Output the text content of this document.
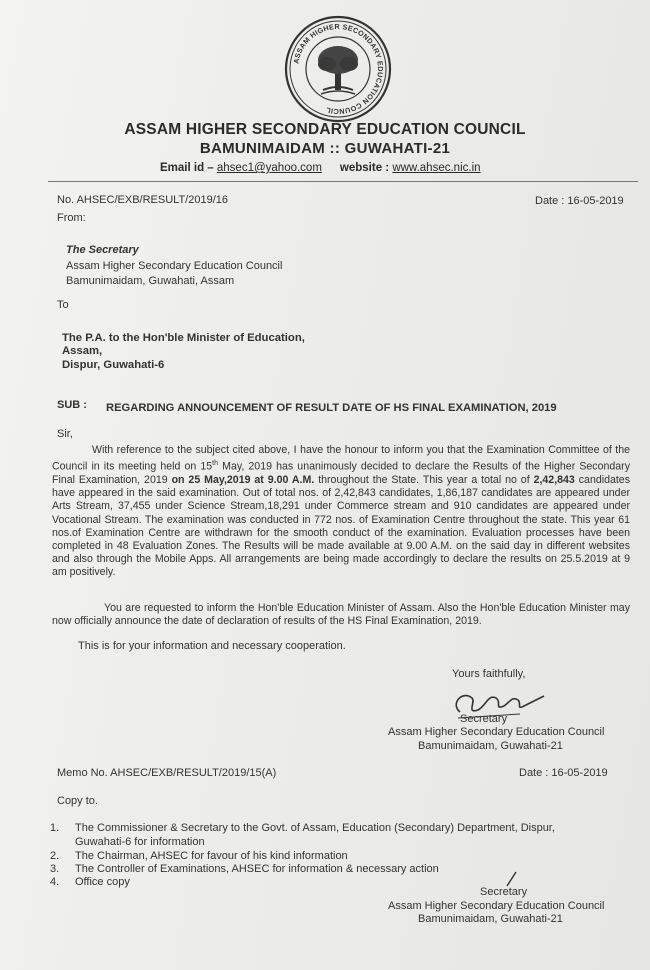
ASSAM HIGHER SECONDARY EDUCATION COUNCIL
ASSAM HIGHER SECONDARY EDUCATION COUNCIL
BAMUNIMAIDAM :: GUWAHATI-21
Email id – ahsec1@yahoo.com website : www.ahsec.nic.in
No. AHSEC/EXB/RESULT/2019/16	Date : 16-05-2019
From:
The Secretary
Assam Higher Secondary Education Council
Bamunimaidam, Guwahati, Assam
To
The P.A. to the Hon'ble Minister of Education,
Assam,
Dispur, Guwahati-6
SUB : REGARDING ANNOUNCEMENT OF RESULT DATE OF HS FINAL EXAMINATION, 2019
Sir,
With reference to the subject cited above, I have the honour to inform you that the Examination Committee of the Council in its meeting held on 15th May, 2019 has unanimously decided to declare the Results of the Higher Secondary Final Examination, 2019 on 25 May,2019 at 9.00 A.M. throughout the State. This year a total no of 2,42,843 candidates have appeared in the said examination. Out of total nos. of 2,42,843 candidates, 1,86,187 candidates are appeared under Arts Stream, 37,455 under Science Stream,18,291 under Commerce stream and 910 candidates are appeared under Vocational Stream. The examination was conducted in 772 nos. of Examination Centre throughout the state. This year 61 nos.of Examination Centre are withdrawn for the smooth conduct of the examination. Evaluation processes have been completed in 48 Evaluation Zones. The Results will be made available at 9.00 A.M. on the said day in different websites and also through the Mobile Apps. All arrangements are being made accordingly to declare the results on 25.5.2019 at 9 am positively.
You are requested to inform the Hon'ble Education Minister of Assam. Also the Hon'ble Education Minister may now officially announce the date of declaration of results of the HS Final Examination, 2019.
This is for your information and necessary cooperation.
Yours faithfully,
Secretary
Assam Higher Secondary Education Council
Bamunimaidam, Guwahati-21
Memo No. AHSEC/EXB/RESULT/2019/15(A)	Date : 16-05-2019
Copy to.
1. The Commissioner & Secretary to the Govt. of Assam, Education (Secondary) Department, Dispur,
Guwahati-6 for information
2. The Chairman, AHSEC for favour of his kind information
3. The Controller of Examinations, AHSEC for information & necessary action
4. Office copy
Secretary
Assam Higher Secondary Education Council
Bamunimaidam, Guwahati-21
